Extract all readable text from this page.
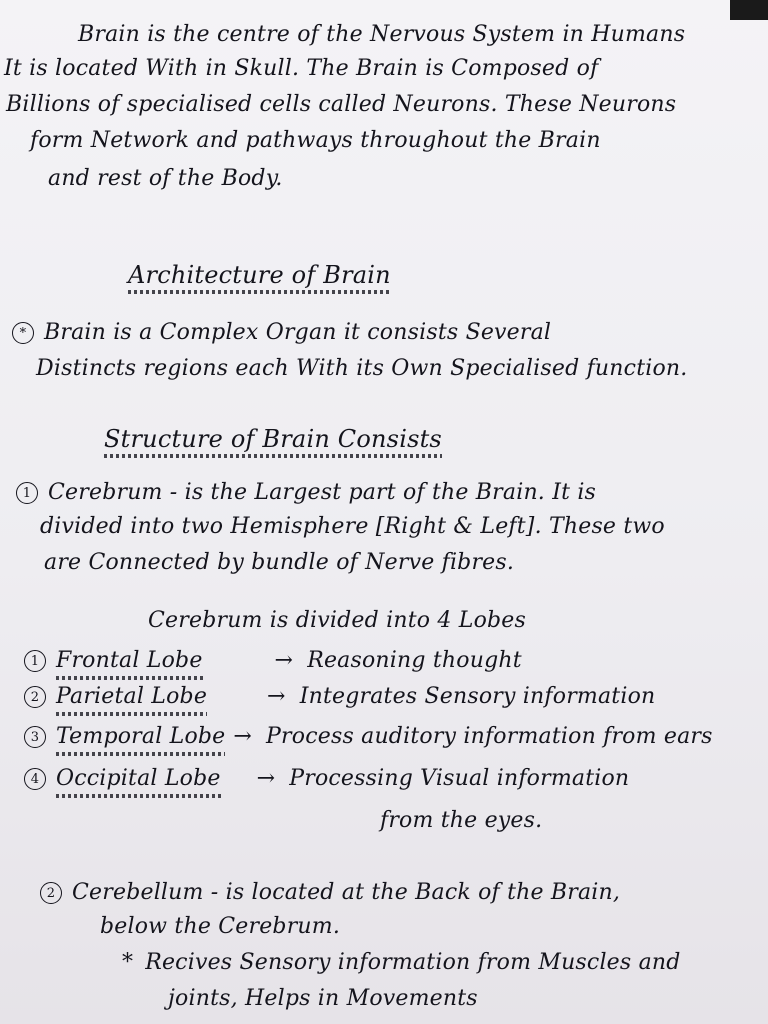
Brain is the centre of the Nervous System in Humans
It is located With in Skull. The Brain is Composed of
Billions of specialised cells called Neurons. These Neurons
form Network and pathways throughout the Brain
and rest of the Body.
Architecture of Brain
* Brain is a Complex Organ it consists Several
Distincts regions each With its Own Specialised function.
Structure of Brain Consists
1 Cerebrum - is the Largest part of the Brain. It is
divided into two Hemisphere [Right & Left]. These two
are Connected by bundle of Nerve fibres.
Cerebrum is divided into 4 Lobes
1 Frontal Lobe	→ Reasoning thought
2 Parietal Lobe	→ Integrates Sensory information
3 Temporal Lobe → Process auditory information from ears
4 Occipital Lobe → Processing Visual information
from the eyes.
2 Cerebellum - is located at the Back of the Brain,
below the Cerebrum.
* Recives Sensory information from Muscles and
joints, Helps in Movements
